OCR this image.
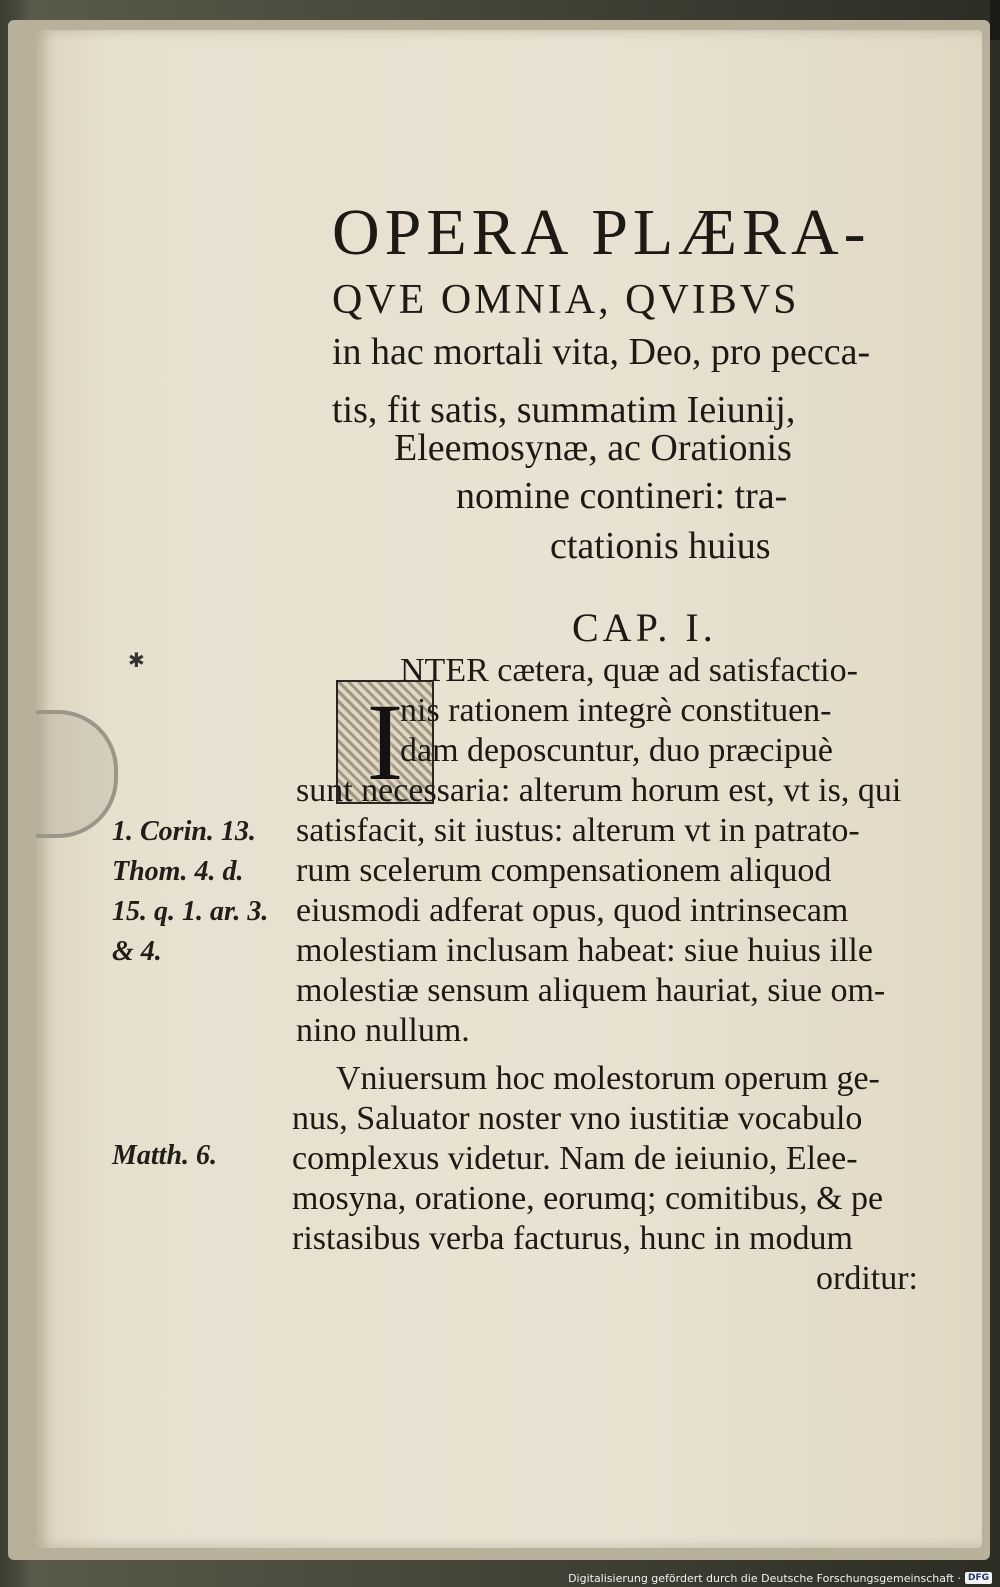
✱
OPERA PLÆRA-
QVE OMNIA, QVIBVS
in hac mortali vita, Deo, pro pecca-
tis, fit satis, summatim Ieiunij,
Eleemosynæ, ac Orationis
nomine contineri: tra-
ctationis huius
CAP. I.
I
NTER cætera, quæ ad satisfactio-
nis rationem integrè constituen-
dam deposcuntur, duo præcipuè
sunt necessaria: alterum horum est, vt is, qui
satisfacit, sit iustus: alterum vt in patrato-
rum scelerum compensationem aliquod
eiusmodi adferat opus, quod intrinsecam
molestiam inclusam habeat: siue huius ille
molestiæ sensum aliquem hauriat, siue om-
nino nullum.
Vniuersum hoc molestorum operum ge-
nus, Saluator noster vno iustitiæ vocabulo
complexus videtur. Nam de ieiunio, Elee-
mosyna, oratione, eorumq; comitibus, & pe
ristasibus verba facturus, hunc in modum
orditur:
1. Corin. 13.
Thom. 4. d.
15. q. 1. ar. 3.
& 4.
Matth. 6.
Digitalisierung gefördert durch die Deutsche Forschungsgemeinschaft · DFG
